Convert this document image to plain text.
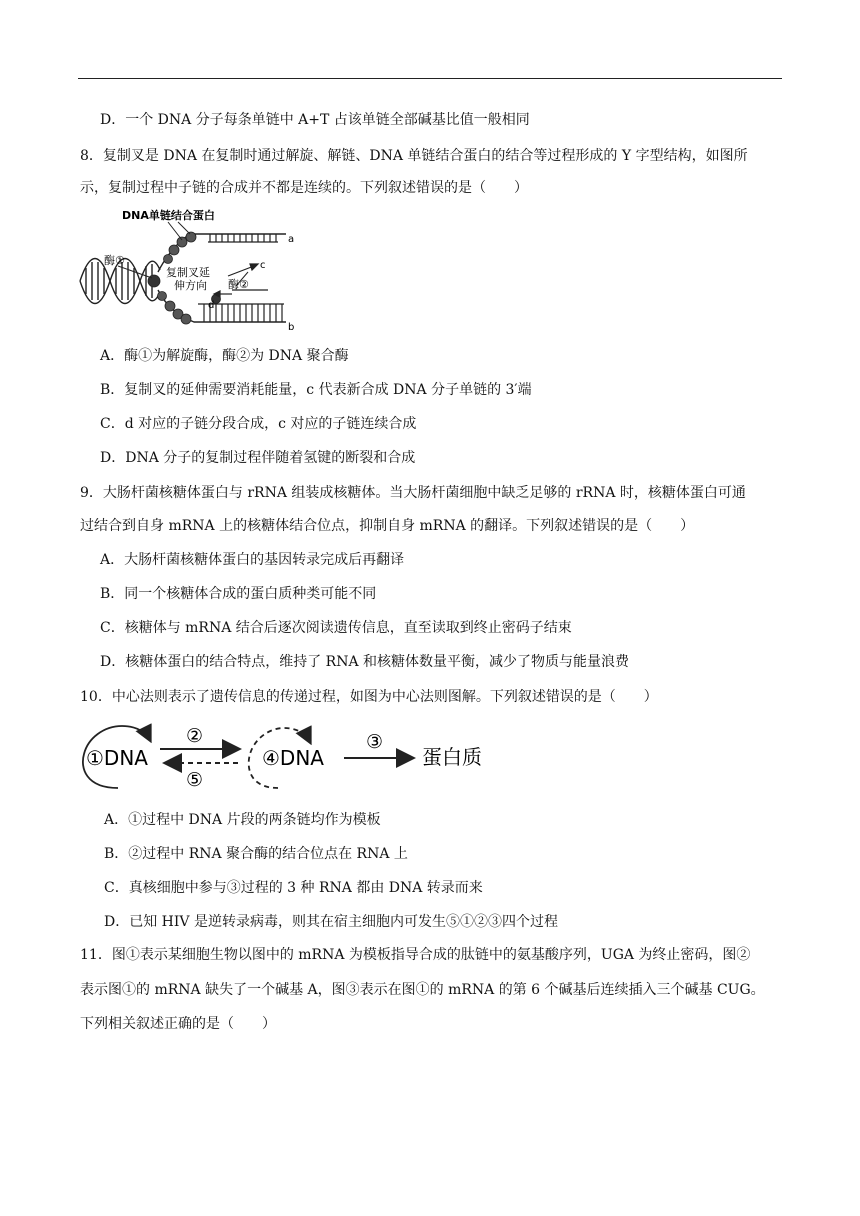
D．一个 DNA 分子每条单链中 A+T 占该单链全部碱基比值一般相同
8．复制叉是 DNA 在复制时通过解旋、解链、DNA 单链结合蛋白的结合等过程形成的 Y 字型结构，如图所
示，复制过程中子链的合成并不都是连续的。下列叙述错误的是（　　）
DNA单链结合蛋白
酶①
复制叉延
伸方向 酶②
a
b
c
d
A．酶①为解旋酶，酶②为 DNA 聚合酶
B．复制叉的延伸需要消耗能量，c 代表新合成 DNA 分子单链的 3′端
C．d 对应的子链分段合成，c 对应的子链连续合成
D．DNA 分子的复制过程伴随着氢键的断裂和合成
9．大肠杆菌核糖体蛋白与 rRNA 组装成核糖体。当大肠杆菌细胞中缺乏足够的 rRNA 时，核糖体蛋白可通
过结合到自身 mRNA 上的核糖体结合位点，抑制自身 mRNA 的翻译。下列叙述错误的是（　　）
A．大肠杆菌核糖体蛋白的基因转录完成后再翻译
B．同一个核糖体合成的蛋白质种类可能不同
C．核糖体与 mRNA 结合后逐次阅读遗传信息，直至读取到终止密码子结束
D．核糖体蛋白的结合特点，维持了 RNA 和核糖体数量平衡，减少了物质与能量浪费
10．中心法则表示了遗传信息的传递过程，如图为中心法则图解。下列叙述错误的是（　　）
①DNA
②
⑤
④DNA
③
蛋白质
A．①过程中 DNA 片段的两条链均作为模板
B．②过程中 RNA 聚合酶的结合位点在 RNA 上
C．真核细胞中参与③过程的 3 种 RNA 都由 DNA 转录而来
D．已知 HIV 是逆转录病毒，则其在宿主细胞内可发生⑤①②③四个过程
11．图①表示某细胞生物以图中的 mRNA 为模板指导合成的肽链中的氨基酸序列，UGA 为终止密码，图②
表示图①的 mRNA 缺失了一个碱基 A，图③表示在图①的 mRNA 的第 6 个碱基后连续插入三个碱基 CUG。
下列相关叙述正确的是（　　）
